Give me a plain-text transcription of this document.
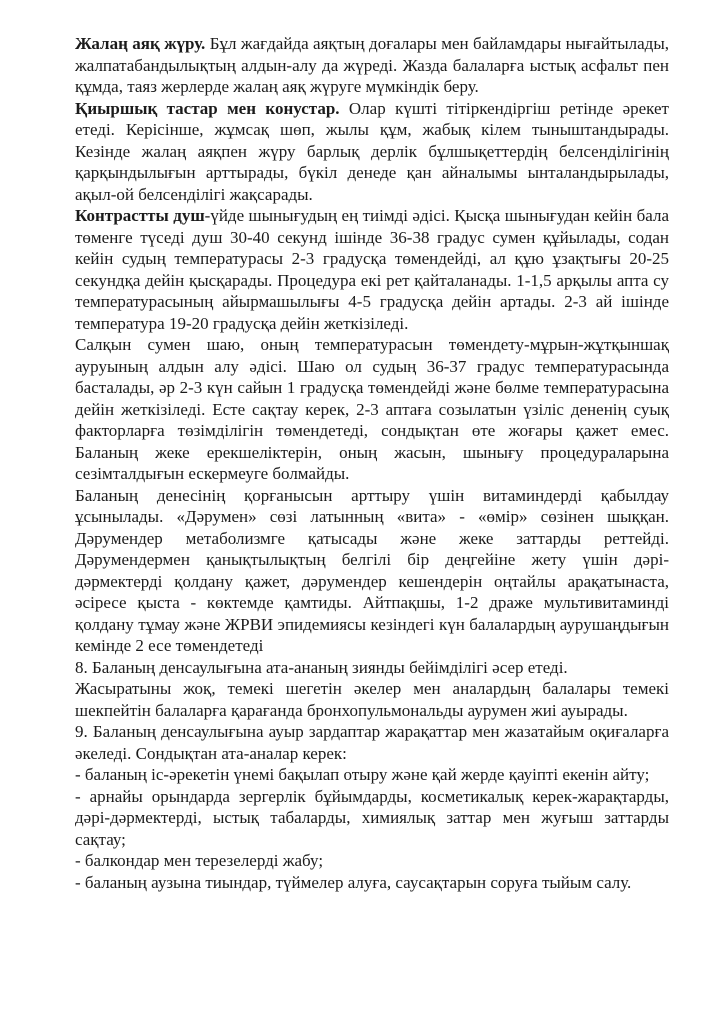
Жалаң аяқ жүру. Бұл жағдайда аяқтың доғалары мен байламдары нығайтылады, жалпатабандылықтың алдын-алу да жүреді. Жазда балаларға ыстық асфальт пен құмда, таяз жерлерде жалаң аяқ жүруге мүмкіндік беру.

Қиыршық тастар мен конустар. Олар күшті тітіркендіргіш ретінде әрекет етеді. Керісінше, жұмсақ шөп, жылы құм, жабық кілем тыныштандырады. Кезінде жалаң аяқпен жүру барлық дерлік бұлшықеттердің белсенділігінің қарқындылығын арттырады, бүкіл денеде қан айналымы ынталандырылады, ақыл-ой белсенділігі жақсарады.

Контрастты душ-үйде шынығудың ең тиімді әдісі. Қысқа шынығудан кейін бала төменге түседі душ 30-40 секунд ішінде 36-38 градус сумен құйылады, содан кейін судың температурасы 2-3 градусқа төмендейді, ал құю ұзақтығы 20-25 секундқа дейін қысқарады. Процедура екі рет қайталанады. 1-1,5 арқылы апта су температурасының айырмашылығы 4-5 градусқа дейін артады. 2-3 ай ішінде температура 19-20 градусқа дейін жеткізіледі.

Салқын сумен шаю, оның температурасын төмендету-мұрын-жұтқыншақ ауруының алдын алу әдісі. Шаю ол судың 36-37 градус температурасында басталады, әр 2-3 күн сайын 1 градусқа төмендейді және бөлме температурасына дейін жеткізіледі. Есте сақтау керек, 2-3 аптаға созылатын үзіліс дененің суық факторларға төзімділігін төмендетеді, сондықтан өте жоғары қажет емес. Баланың жеке ерекшеліктерін, оның жасын, шынығу процедураларына сезімталдығын ескермеуге болмайды.

Баланың денесінің қорғанысын арттыру үшін витаминдерді қабылдау ұсынылады. «Дәрумен» сөзі латынның «вита» - «өмір» сөзінен шыққан. Дәрумендер метаболизмге қатысады және жеке заттарды реттейді. Дәрумендермен қанықтылықтың белгілі бір деңгейіне жету үшін дәрі-дәрмектерді қолдану қажет, дәрумендер кешендерін оңтайлы арақатынаста, әсіресе қыста - көктемде қамтиды. Айтпақшы, 1-2 драже мультивитаминді қолдану тұмау және ЖРВИ эпидемиясы кезіндегі күн балалардың аурушаңдығын кемінде 2 есе төмендетеді

8. Баланың денсаулығына ата-ананың зиянды бейімділігі әсер етеді.

Жасыратыны жоқ, темекі шегетін әкелер мен аналардың балалары темекі шекпейтін балаларға қарағанда бронхопульмональды аурумен жиі ауырады.

9. Баланың денсаулығына ауыр зардаптар жарақаттар мен жазатайым оқиғаларға әкеледі. Сондықтан ата-аналар керек:

- баланың іс-әрекетін үнемі бақылап отыру және қай жерде қауіпті екенін айту;

- арнайы орындарда зергерлік бұйымдарды, косметикалық керек-жарақтарды, дәрі-дәрмектерді, ыстық табаларды, химиялық заттар мен жуғыш заттарды сақтау;

- балкондар мен терезелерді жабу;

- баланың аузына тиындар, түймелер алуға, саусақтарын соруға тыйым салу.
